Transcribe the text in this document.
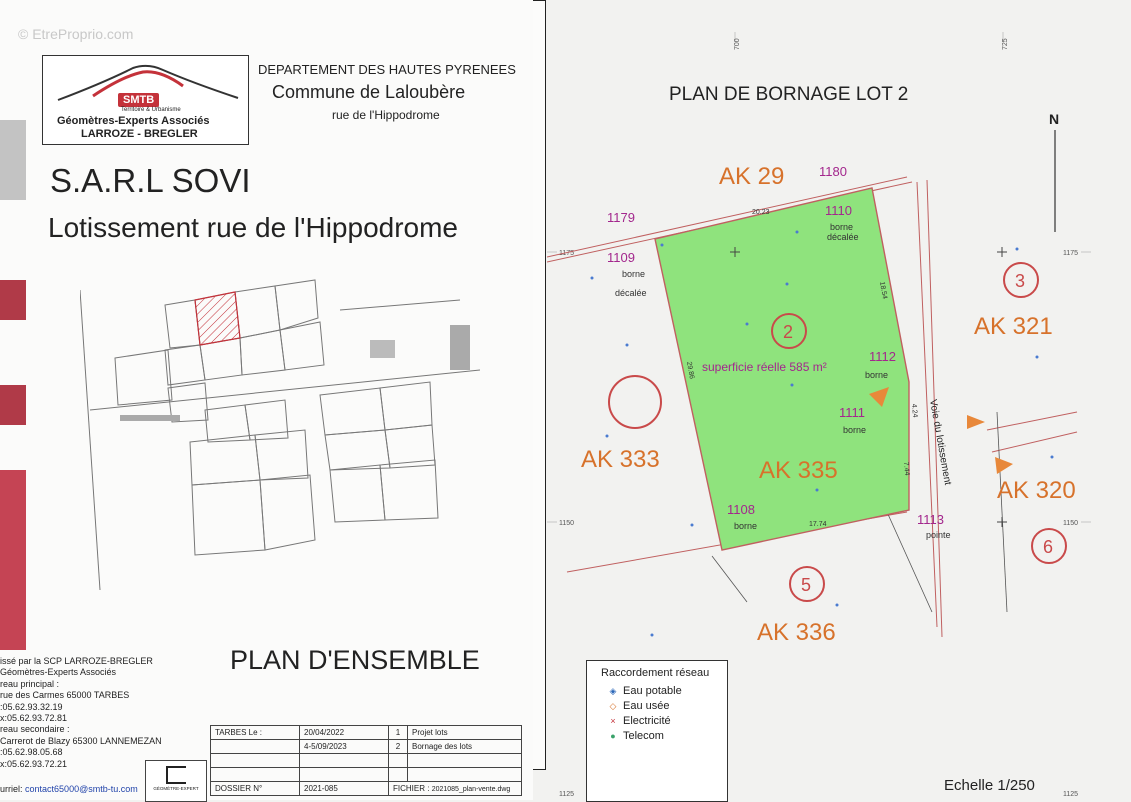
© EtreProprio.com
SMTB
Territoire & Urbanisme
Géomètres-Experts Associés
LARROZE - BREGLER
DEPARTEMENT DES HAUTES PYRENEES
Commune de Laloubère
rue de l'Hippodrome
S.A.R.L SOVI
Lotissement rue de l'Hippodrome
PLAN D'ENSEMBLE
issé par la SCP LARROZE-BREGLER
Géomètres-Experts Associés
reau principal :
rue des Carmes 65000 TARBES
:05.62.93.32.19
x:05.62.93.72.81
reau secondaire :
Carrerot de Blazy 65300 LANNEMEZAN
:05.62.98.05.68
x:05.62.93.72.21
urriel: contact65000@smtb-tu.com	GÉOMÈTRE-EXPERT
TARBES Le :	20/04/2022	1	Projet lots
	4-5/09/2023	2	Bornage des lots

DOSSIER N°	2021-085	FICHIER : 2021085_plan-vente.dwg	
700	725
1175	1175
1150	1150
1125	1125
PLAN DE BORNAGE LOT 2
N
2
3
5
6
AK 29
AK 321
AK 333	AK 335
AK 320
AK 336
superficie réelle 585 m²
1179
1180
1110
1109
1112
1111
1108
1113
borne
décalée
borne
décalée
borne
borne
borne
pointe
20.23
18.54
29.86
17.74
7.44
4.24 Voie du lotissement
Echelle 1/250
Raccordement réseau
◈ Eau potable
◇ Eau usée
× Electricité
● Telecom
